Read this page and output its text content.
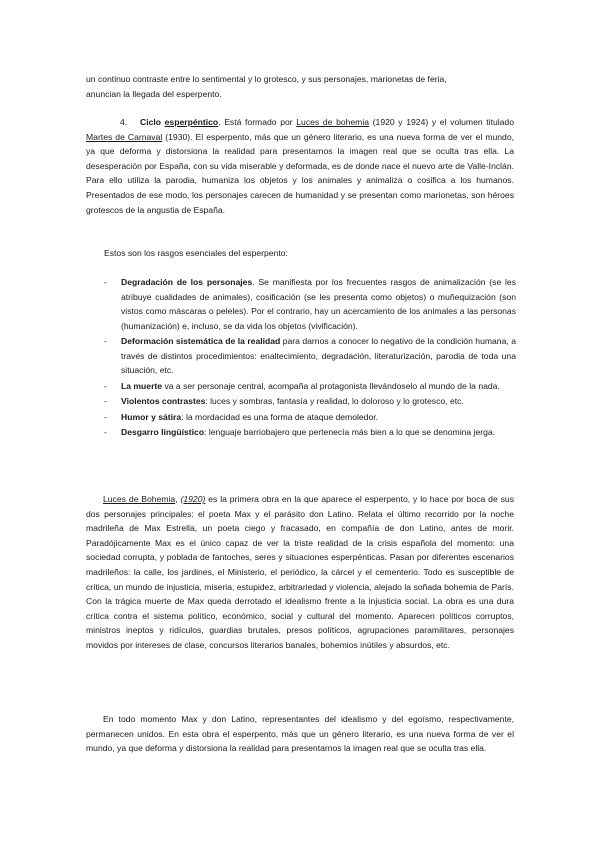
un continuo contraste entre lo sentimental y lo grotesco, y sus personajes, marionetas de feria,
anuncian la llegada del esperpento.

4. Ciclo esperpéntico. Está formado por Luces de bohemia (1920 y 1924) y el volumen titulado Martes de Carnaval (1930). El esperpento, más que un género literario, es una nueva forma de ver el mundo, ya que deforma y distorsiona la realidad para presentarnos la imagen real que se oculta tras ella. La desesperación por España, con su vida miserable y deformada, es de donde nace el nuevo arte de Valle-Inclán. Para ello utiliza la parodia, humaniza los objetos y los animales y animaliza o cosifica a los humanos. Presentados de ese modo, los personajes carecen de humanidad y se presentan como marionetas, son héroes grotescos de la angustia de España.

Estos son los rasgos esenciales del esperpento:

- Degradación de los personajes. Se manifiesta por los frecuentes rasgos de animalización (se les atribuye cualidades de animales), cosificación (se les presenta como objetos) o muñequización (son vistos como máscaras o peleles). Por el contrario, hay un acercamiento de los animales a las personas (humanización) e, incluso, se da vida los objetos (vivificación).
- Deformación sistemática de la realidad para darnos a conocer lo negativo de la condición humana, a través de distintos procedimientos: enaltecimiento, degradación, literaturización, parodia de toda una situación, etc.
- La muerte va a ser personaje central, acompaña al protagonista llevándoselo al mundo de la nada.
- Violentos contrastes: luces y sombras, fantasía y realidad, lo doloroso y lo grotesco, etc.
- Humor y sátira: la mordacidad es una forma de ataque demoledor.
- Desgarro lingüístico: lenguaje barriobajero que pertenecía más bien a lo que se denomina jerga.

Luces de Bohemia, (1920) es la primera obra en la que aparece el esperpento, y lo hace por boca de sus dos personajes principales: el poeta Max y el parásito don Latino. Relata el último recorrido por la noche madrileña de Max Estrella, un poeta ciego y fracasado, en compañía de don Latino, antes de morir. Paradójicamente Max es el único capaz de ver la triste realidad de la crisis española del momento: una sociedad corrupta, y poblada de fantoches, seres y situaciones esperpénticas. Pasan por diferentes escenarios madrileños: la calle, los jardines, el Ministerio, el periódico, la cárcel y el cementerio. Todo es susceptible de crítica, un mundo de injusticia, miseria, estupidez, arbitrariedad y violencia, alejado la soñada bohemia de París. Con la trágica muerte de Max queda derrotado el idealismo frente a la injusticia social. La obra es una dura crítica contra el sistema político, económico, social y cultural del momento. Aparecen políticos corruptos, ministros ineptos y ridículos, guardias brutales, presos políticos, agrupaciones paramilitares, personajes movidos por intereses de clase, concursos literarios banales, bohemios inútiles y absurdos, etc.

En todo momento Max y don Latino, representantes del idealismo y del egoísmo, respectivamente, permanecen unidos. En esta obra el esperpento, más que un género literario, es una nueva forma de ver el mundo, ya que deforma y distorsiona la realidad para presentarnos la imagen real que se oculta tras ella.
